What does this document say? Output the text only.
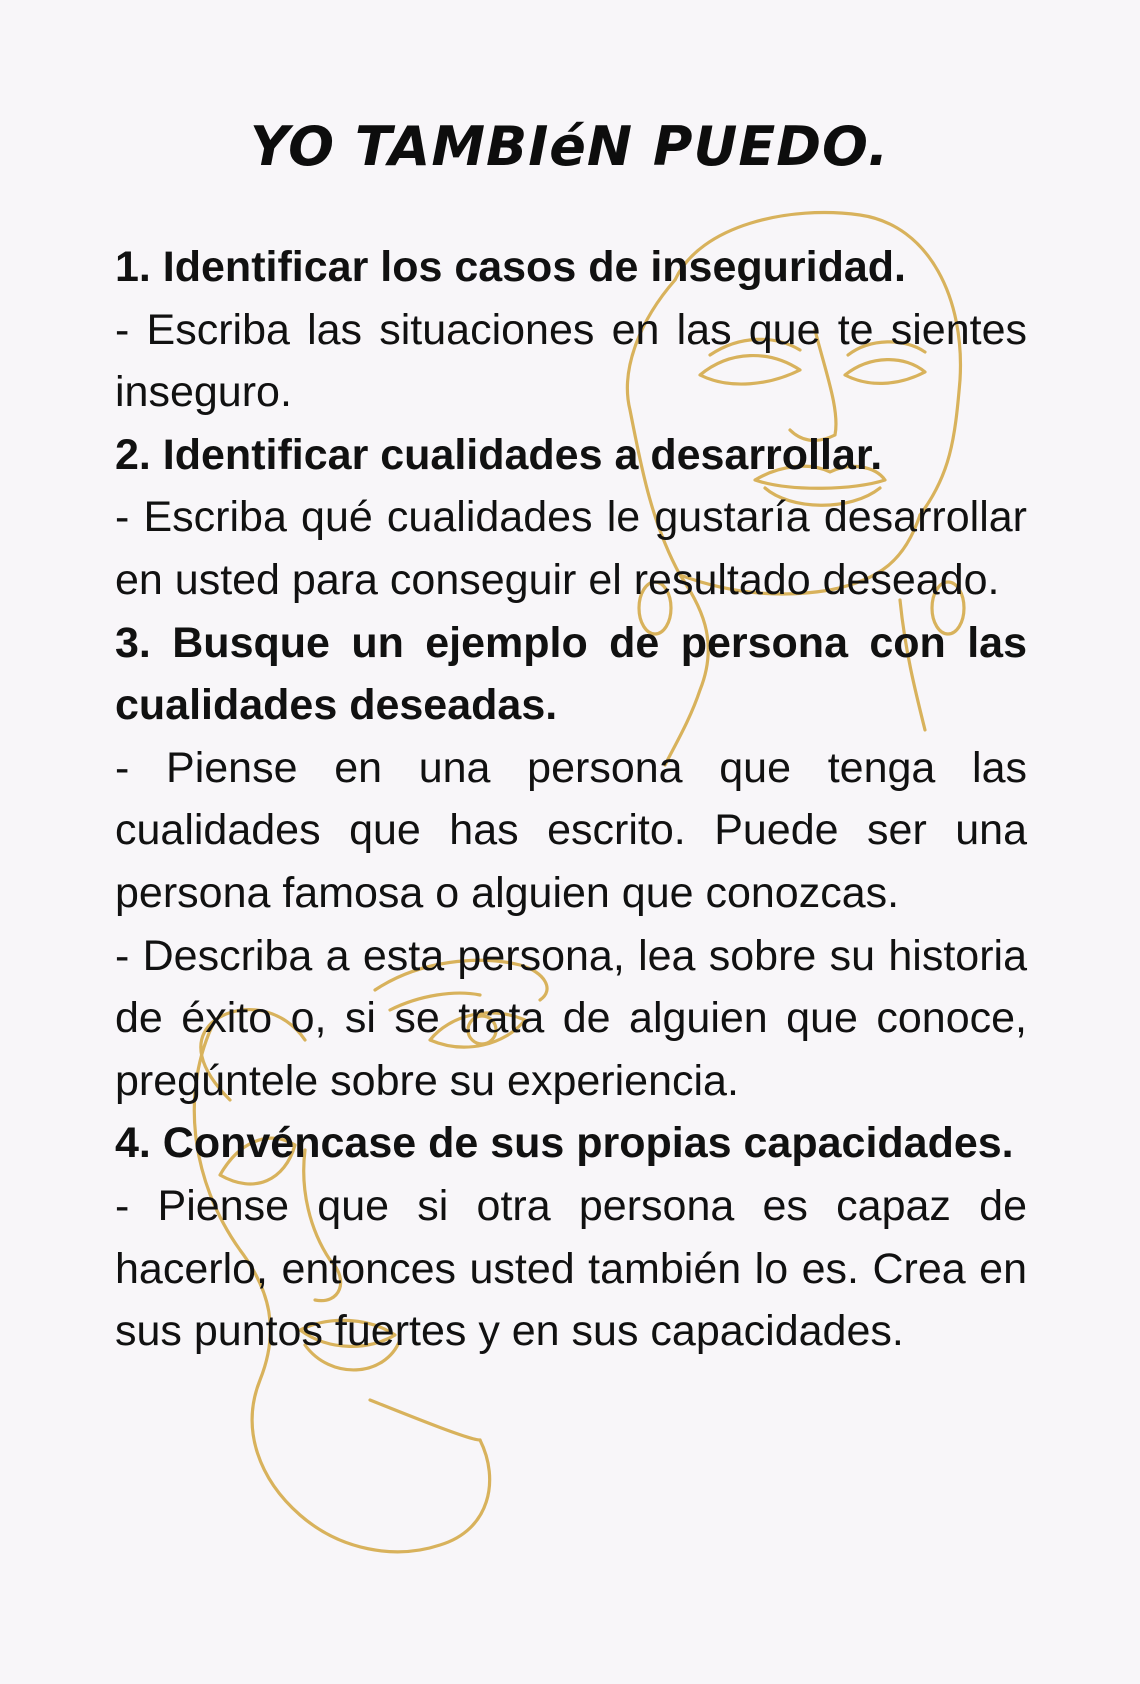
YO TAMBIéN PUEDO.

1. Identificar los casos de inseguridad.

- Escriba las situaciones en las que te sientes inseguro.

2. Identificar cualidades a desarrollar.

- Escriba qué cualidades le gustaría desarrollar en usted para conseguir el resultado deseado.

3. Busque un ejemplo de persona con las cualidades deseadas.

- Piense en una persona que tenga las cualidades que has escrito. Puede ser una persona famosa o alguien que conozcas.

- Describa a esta persona, lea sobre su historia de éxito o, si se trata de alguien que conoce, pregúntele sobre su experiencia.

4. Convéncase de sus propias capacidades.

- Piense que si otra persona es capaz de hacerlo, entonces usted también lo es. Crea en sus puntos fuertes y en sus capacidades.
